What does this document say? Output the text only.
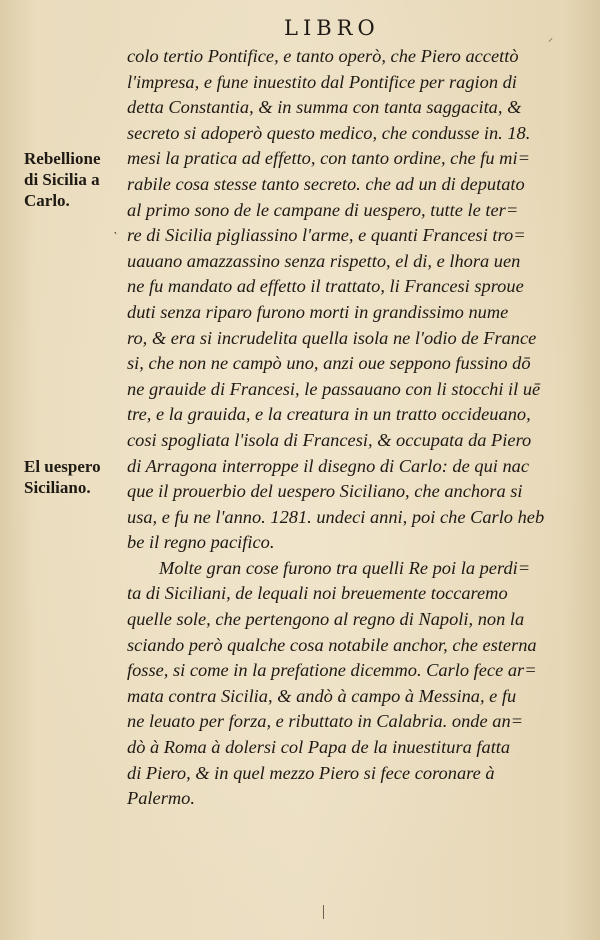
LIBRO	⸝
Rebellione
di Sicilia a
Carlo.
‵
El uespero
Siciliano.
colo tertio Pontifice, e tanto operò, che Piero accettò
l'impresa, e fune inuestito dal Pontifice per ragion di
detta Constantia, & in summa con tanta saggacita, &
secreto si adoperò questo medico, che condusse in. 18.
mesi la pratica ad effetto, con tanto ordine, che fu mi=
rabile cosa stesse tanto secreto. che ad un di deputato
al primo sono de le campane di uespero, tutte le ter=
re di Sicilia pigliassino l'arme, e quanti Francesi tro=
uauano amazzassino senza rispetto, el di, e lhora uen
ne fu mandato ad effetto il trattato, li Francesi sproue
duti senza riparo furono morti in grandissimo nume
ro, & era si incrudelita quella isola ne l'odio de France
si, che non ne campò uno, anzi oue seppono fussino dō
ne grauide di Francesi, le passauano con li stocchi il uē
tre, e la grauida, e la creatura in un tratto occideuano,
cosi spogliata l'isola di Francesi, & occupata da Piero
di Arragona interroppe il disegno di Carlo: de qui nac
que il prouerbio del uespero Siciliano, che anchora si
usa, e fu ne l'anno. 1281. undeci anni, poi che Carlo heb
be il regno pacifico.
Molte gran cose furono tra quelli Re poi la perdi=
ta di Siciliani, de lequali noi breuemente toccaremo
quelle sole, che pertengono al regno di Napoli, non la
sciando però qualche cosa notabile anchor, che esterna
fosse, si come in la prefatione dicemmo. Carlo fece ar=
mata contra Sicilia, & andò à campo à Messina, e fu
ne leuato per forza, e ributtato in Calabria. onde an=
dò à Roma à dolersi col Papa de la inuestitura fatta
di Piero, & in quel mezzo Piero si fece coronare à
Palermo.
